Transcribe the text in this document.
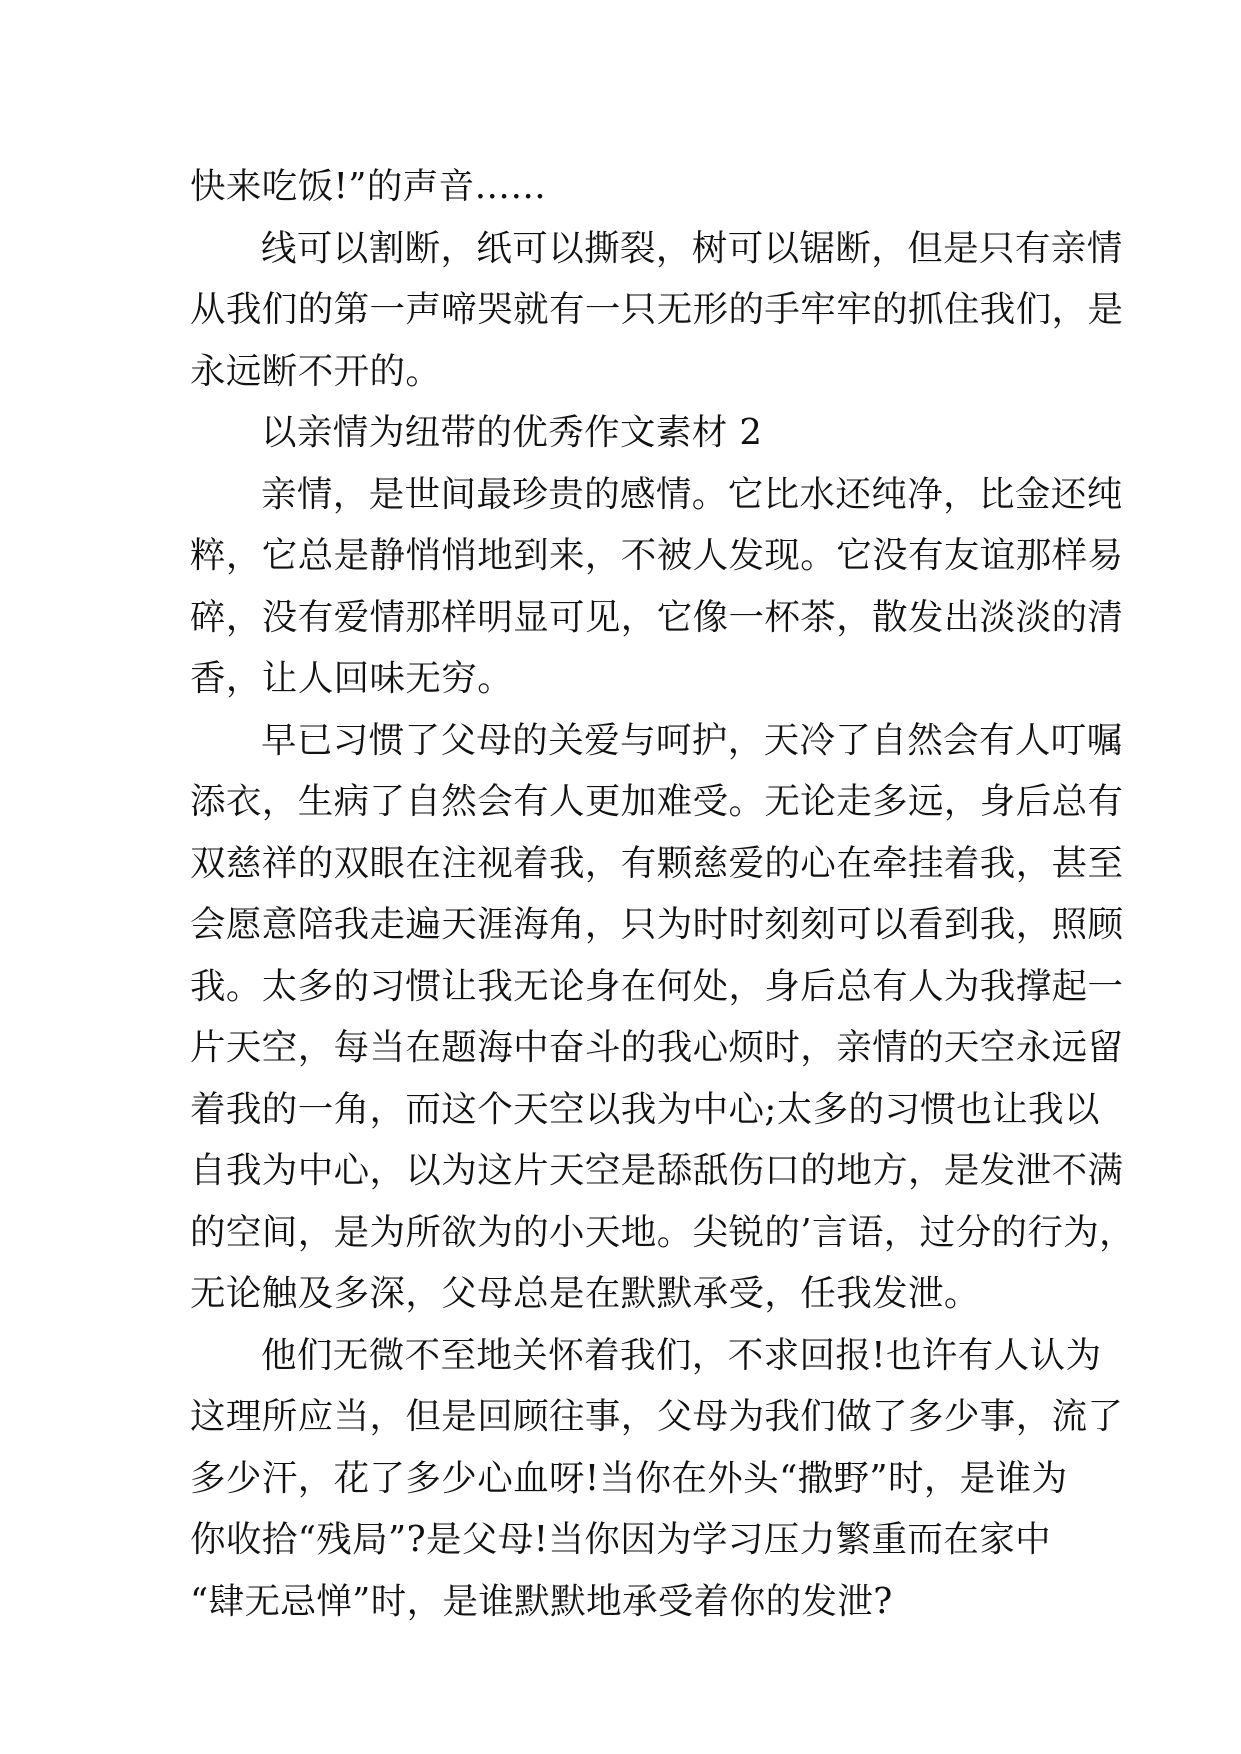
快来吃饭!”的声音……

线可以割断，纸可以撕裂，树可以锯断，但是只有亲情
从我们的第一声啼哭就有一只无形的手牢牢的抓住我们，是
永远断不开的。

以亲情为纽带的优秀作文素材 2

亲情，是世间最珍贵的感情。它比水还纯净，比金还纯
粹，它总是静悄悄地到来，不被人发现。它没有友谊那样易
碎，没有爱情那样明显可见，它像一杯茶，散发出淡淡的清
香，让人回味无穷。

早已习惯了父母的关爱与呵护，天冷了自然会有人叮嘱
添衣，生病了自然会有人更加难受。无论走多远，身后总有
双慈祥的双眼在注视着我，有颗慈爱的心在牵挂着我，甚至
会愿意陪我走遍天涯海角，只为时时刻刻可以看到我，照顾
我。太多的习惯让我无论身在何处，身后总有人为我撑起一
片天空，每当在题海中奋斗的我心烦时，亲情的天空永远留
着我的一角，而这个天空以我为中心;太多的习惯也让我以
自我为中心，以为这片天空是舔舐伤口的地方，是发泄不满
的空间，是为所欲为的小天地。尖锐的’言语，过分的行为，
无论触及多深，父母总是在默默承受，任我发泄。

他们无微不至地关怀着我们，不求回报!也许有人认为
这理所应当，但是回顾往事，父母为我们做了多少事，流了
多少汗，花了多少心血呀!当你在外头“撒野”时，是谁为
你收拾“残局”?是父母!当你因为学习压力繁重而在家中
“肆无忌惮”时，是谁默默地承受着你的发泄?
